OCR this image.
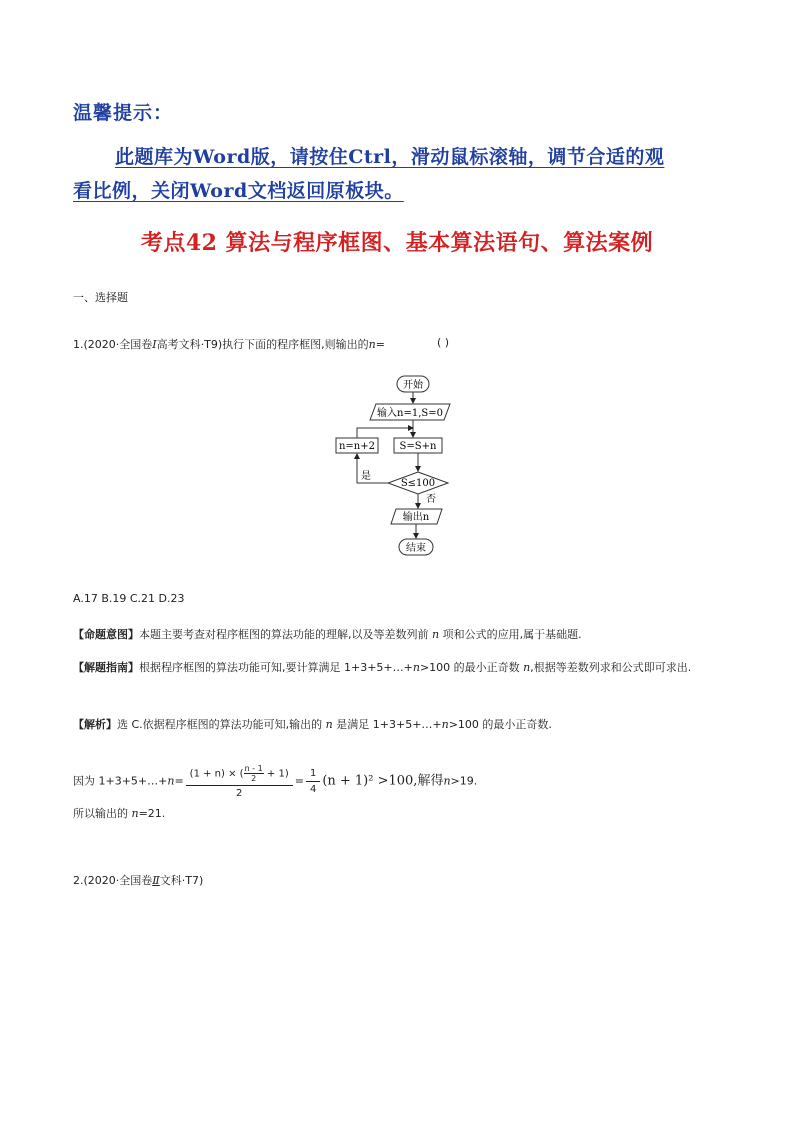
温馨提示：
此题库为Word版，请按住Ctrl，滑动鼠标滚轴，调节合适的观
看比例，关闭Word文档返回原板块。
考点42 算法与程序框图、基本算法语句、算法案例
一、选择题
1.(2020·全国卷Ⅰ高考文科·T9)执行下面的程序框图,则输出的n=	( )
开始
输入n=1,S=0
S=S+n
n=n+2
S≤100
是
否
输出n
结束
A.17 B.19 C.21 D.23
【命题意图】本题主要考查对程序框图的算法功能的理解,以及等差数列前 n 项和公式的应用,属于基础题.
【解题指南】根据程序框图的算法功能可知,要计算满足 1+3+5+…+n>100 的最小正奇数 n,根据等差数列求和公式即可求出.
【解析】选 C.依据程序框图的算法功能可知,输出的 n 是满足 1+3+5+…+n>100 的最小正奇数.
因为 1+3+5+…+n= $\frac{(1 + n) \times ( \frac{n - 1}{2} + 1)}{2} = \frac{1}{4} (n + 1)^2 >100$,解得n>19.
所以输出的 n=21.
2.(2020·全国卷Ⅱ文科·T7)
